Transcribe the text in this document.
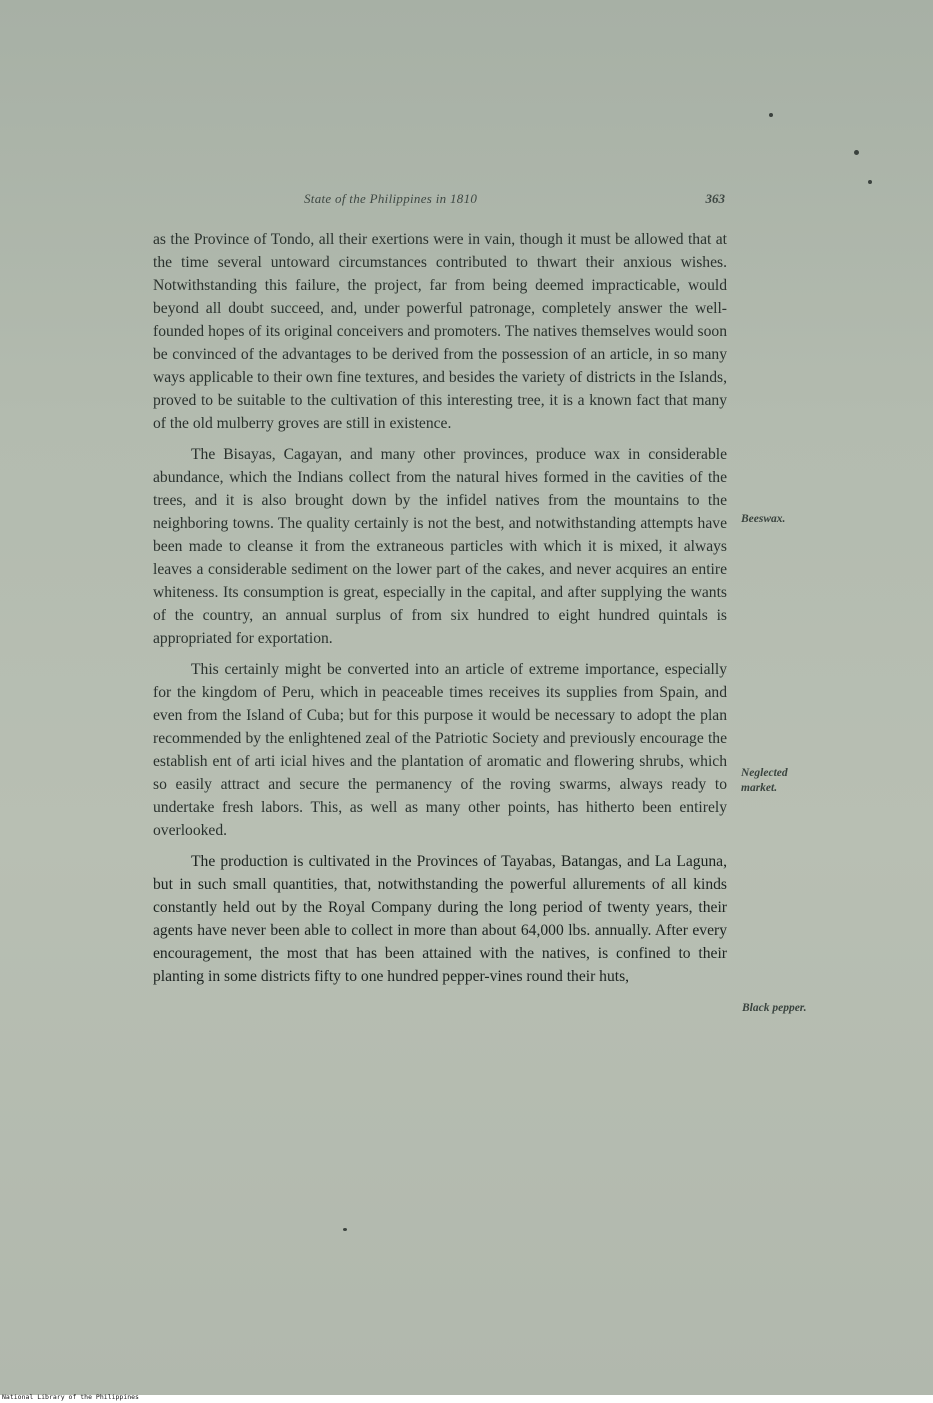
State of the Philippines in 1810	363

as the Province of Tondo, all their exertions were in vain, though it must be allowed that at the time several untoward circumstances contributed to thwart their anxious wishes. Notwithstanding this failure, the project, far from being deemed impracticable, would beyond all doubt succeed, and, under powerful patronage, completely answer the well-founded hopes of its original conceivers and promoters. The natives themselves would soon be convinced of the advantages to be derived from the possession of an article, in so many ways applicable to their own fine textures, and besides the variety of districts in the Islands, proved to be suitable to the cultivation of this interesting tree, it is a known fact that many of the old mulberry groves are still in existence.

The Bisayas, Cagayan, and many other provinces, produce wax in considerable abundance, which the Indians collect from the natural hives formed in the cavities of the trees, and it is also brought down by the infidel natives from the mountains to the neighboring towns. The quality certainly is not the best, and notwithstanding attempts have been made to cleanse it from the extraneous particles with which it is mixed, it always leaves a considerable sediment on the lower part of the cakes, and never acquires an entire whiteness. Its consumption is great, especially in the capital, and after supplying the wants of the country, an annual surplus of from six hundred to eight hundred quintals is appropriated for exportation.

This certainly might be converted into an article of extreme importance, especially for the kingdom of Peru, which in peaceable times receives its supplies from Spain, and even from the Island of Cuba; but for this purpose it would be necessary to adopt the plan recommended by the enlightened zeal of the Patriotic Society and previously encourage the establish ent of arti icial hives and the plantation of aromatic and flowering shrubs, which so easily attract and secure the permanency of the roving swarms, always ready to undertake fresh labors. This, as well as many other points, has hitherto been entirely overlooked.

The production is cultivated in the Provinces of Tayabas, Batangas, and La Laguna, but in such small quantities, that, notwithstanding the powerful allurements of all kinds constantly held out by the Royal Company during the long period of twenty years, their agents have never been able to collect in more than about 64,000 lbs. annually. After every encouragement, the most that has been attained with the natives, is confined to their planting in some districts fifty to one hundred pepper-vines round their huts,

Beeswax.
Neglected market.
Black pepper.
National Library of the Philippines
